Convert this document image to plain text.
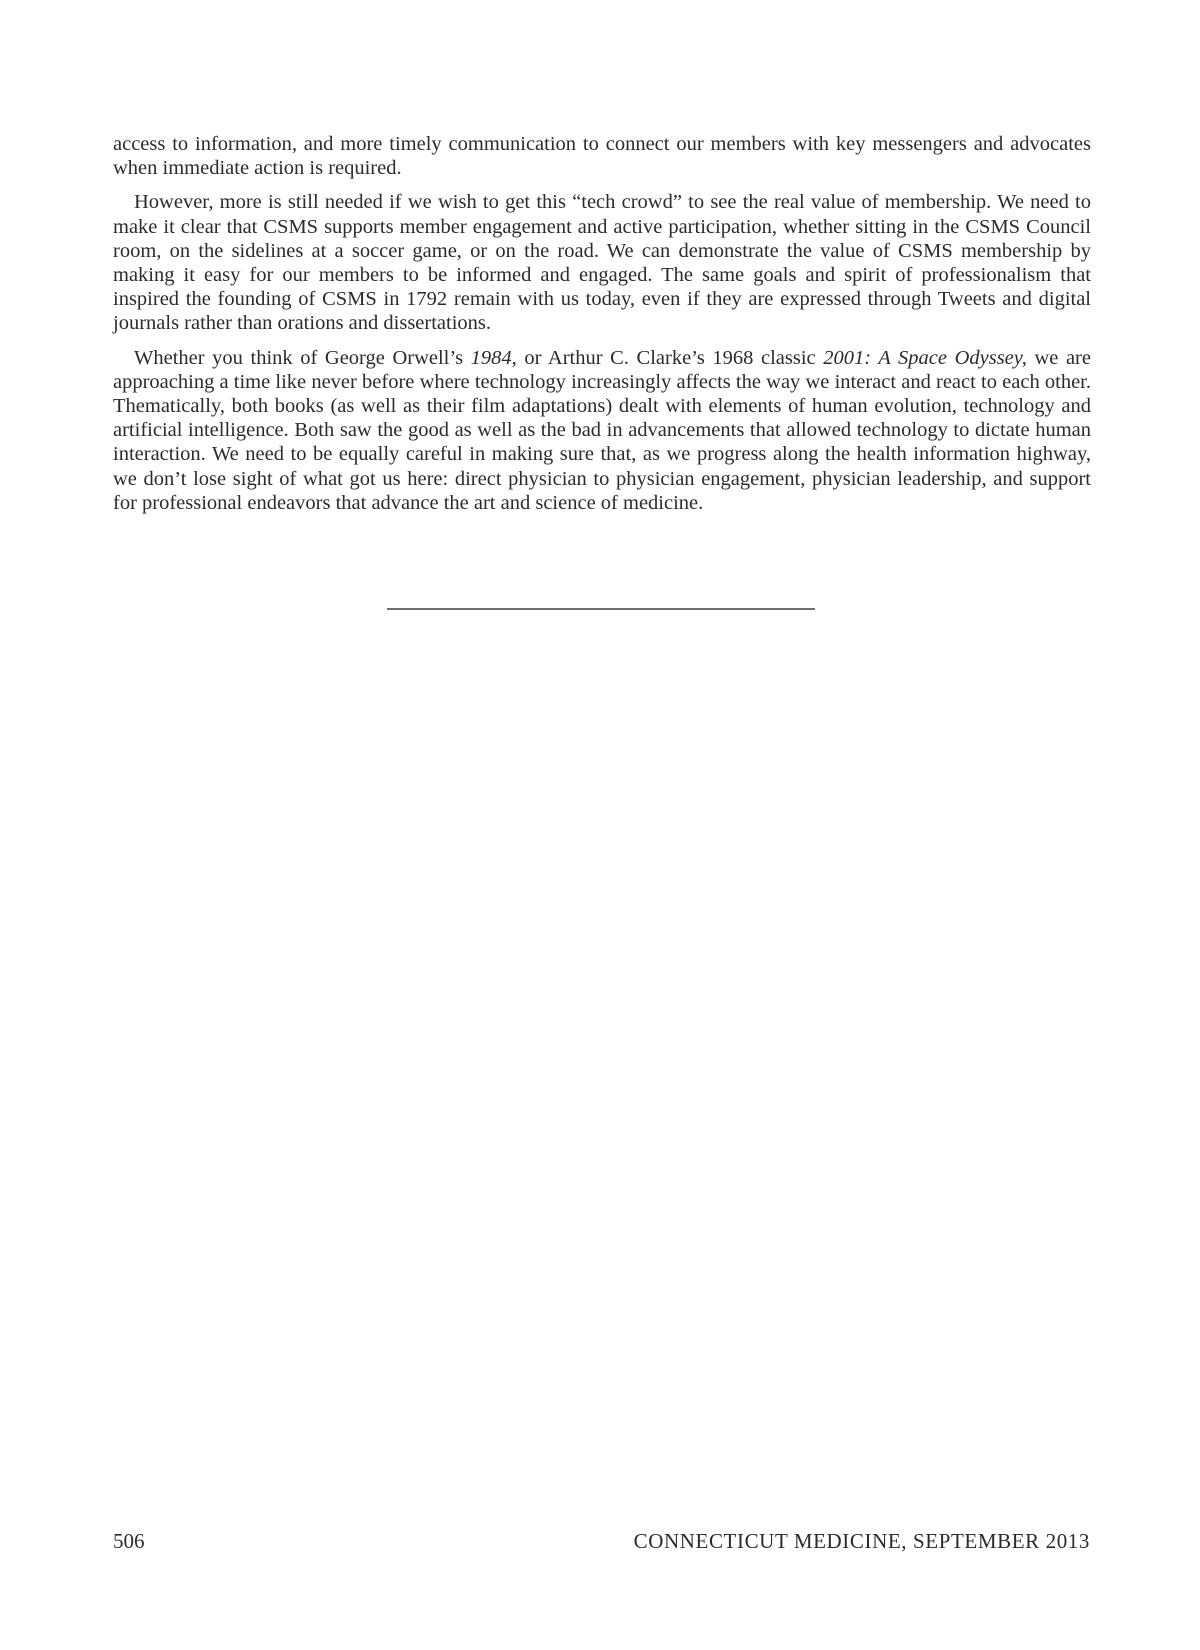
access to information, and more timely communication to connect our members with key messengers and advocates when immediate action is required.

However, more is still needed if we wish to get this “tech crowd” to see the real value of membership. We need to make it clear that CSMS supports member engagement and active participation, whether sitting in the CSMS Council room, on the sidelines at a soccer game, or on the road. We can demonstrate the value of CSMS membership by making it easy for our members to be informed and engaged. The same goals and spirit of professionalism that inspired the founding of CSMS in 1792 remain with us today, even if they are expressed through Tweets and digital journals rather than orations and dissertations.

Whether you think of George Orwell’s 1984, or Arthur C. Clarke’s 1968 classic 2001: A Space Odyssey, we are approaching a time like never before where technology increasingly affects the way we interact and react to each other. Thematically, both books (as well as their film adaptations) dealt with elements of human evolution, technology and artificial intelligence. Both saw the good as well as the bad in advancements that allowed technology to dictate human interaction. We need to be equally careful in making sure that, as we progress along the health information highway, we don’t lose sight of what got us here: direct physician to physician engagement, physician leadership, and support for professional endeavors that advance the art and science of medicine.

506	CONNECTICUT MEDICINE, SEPTEMBER 2013
